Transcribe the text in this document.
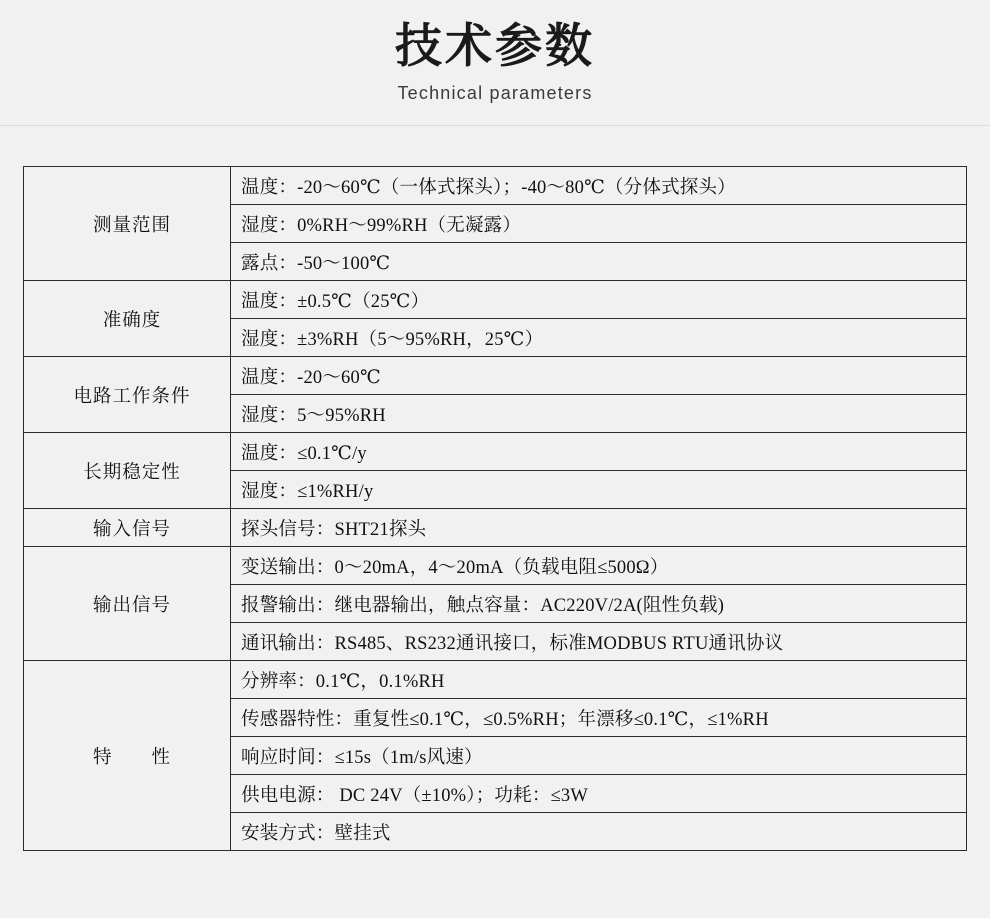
技术参数
Technical parameters
测量范围	温度：-20～60℃（一体式探头）；-40～80℃（分体式探头）
	湿度：0%RH～99%RH（无凝露）
	露点：-50～100℃
准确度	温度：±0.5℃（25℃）
	湿度：±3%RH（5～95%RH，25℃）
电路工作条件	温度：-20～60℃
	湿度：5～95%RH
长期稳定性	温度：≤0.1℃/y
	湿度：≤1%RH/y
输入信号	探头信号：SHT21探头
输出信号	变送输出：0～20mA，4～20mA（负载电阻≤500Ω）
	报警输出：继电器输出，触点容量：AC220V/2A(阻性负载)
	通讯输出：RS485、RS232通讯接口，标准MODBUS RTU通讯协议
特　　性	分辨率：0.1℃，0.1%RH
	传感器特性：重复性≤0.1℃，≤0.5%RH；年漂移≤0.1℃，≤1%RH
	响应时间：≤15s（1m/s风速）
	供电电源： DC 24V（±10%）；功耗：≤3W
	安装方式：壁挂式
